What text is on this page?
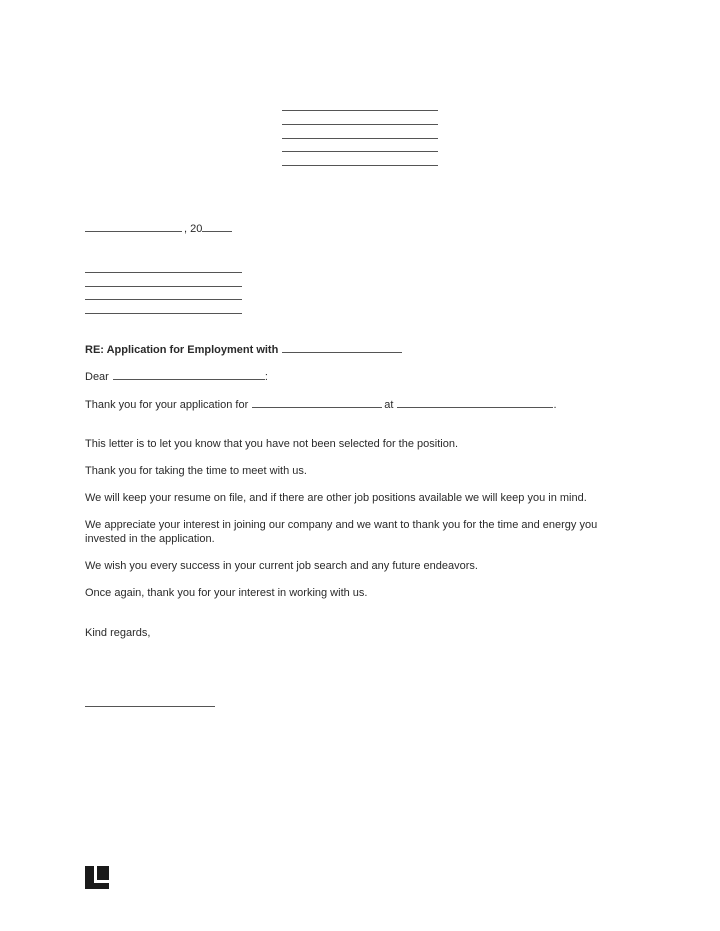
, 20
RE: Application for Employment with
Dear	:
Thank you for your application for	at	.
This letter is to let you know that you have not been selected for the position.
Thank you for taking the time to meet with us.
We will keep your resume on file, and if there are other job positions available we will keep you in mind.
We appreciate your interest in joining our company and we want to thank you for the time and energy you
invested in the application.
We wish you every success in your current job search and any future endeavors.
Once again, thank you for your interest in working with us.
Kind regards,
